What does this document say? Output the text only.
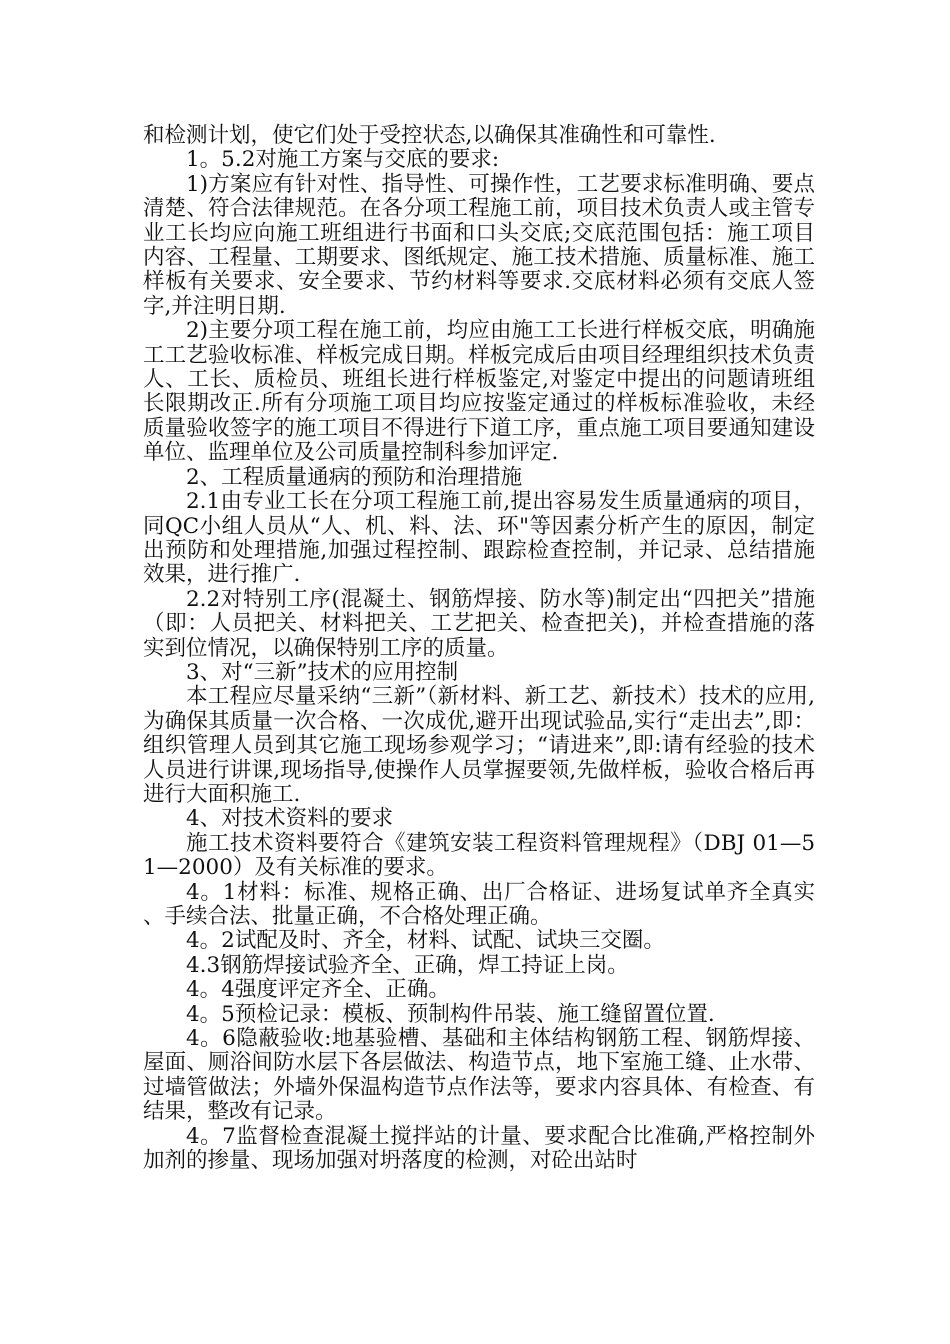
和检测计划，使它们处于受控状态,以确保其准确性和可靠性.

1。5.2对施工方案与交底的要求:

1)方案应有针对性、指导性、可操作性，工艺要求标准明确、要点清楚、符合法律规范。在各分项工程施工前，项目技术负责人或主管专业工长均应向施工班组进行书面和口头交底;交底范围包括：施工项目内容、工程量、工期要求、图纸规定、施工技术措施、质量标准、施工样板有关要求、安全要求、节约材料等要求.交底材料必须有交底人签字,并注明日期.

2)主要分项工程在施工前，均应由施工工长进行样板交底，明确施工工艺验收标准、样板完成日期。样板完成后由项目经理组织技术负责人、工长、质检员、班组长进行样板鉴定,对鉴定中提出的问题请班组长限期改正.所有分项施工项目均应按鉴定通过的样板标准验收，未经质量验收签字的施工项目不得进行下道工序，重点施工项目要通知建设单位、监理单位及公司质量控制科参加评定.

2、工程质量通病的预防和治理措施

2.1由专业工长在分项工程施工前,提出容易发生质量通病的项目，同QC小组人员从“人、机、料、法、环"等因素分析产生的原因，制定出预防和处理措施,加强过程控制、跟踪检查控制，并记录、总结措施效果，进行推广.

2.2对特别工序(混凝土、钢筋焊接、防水等)制定出“四把关”措施（即：人员把关、材料把关、工艺把关、检查把关)，并检查措施的落实到位情况，以确保特别工序的质量。

3、对“三新”技术的应用控制

本工程应尽量采纳“三新”（新材料、新工艺、新技术）技术的应用,为确保其质量一次合格、一次成优,避开出现试验品,实行“走出去”,即：组织管理人员到其它施工现场参观学习；“请进来”,即:请有经验的技术人员进行讲课,现场指导,使操作人员掌握要领,先做样板，验收合格后再进行大面积施工.

4、对技术资料的要求

施工技术资料要符合《建筑安装工程资料管理规程》（DBJ 01—51—2000）及有关标准的要求。

4。1材料：标准、规格正确、出厂合格证、进场复试单齐全真实、手续合法、批量正确，不合格处理正确。

4。2试配及时、齐全，材料、试配、试块三交圈。

4.3钢筋焊接试验齐全、正确，焊工持证上岗。

4。4强度评定齐全、正确。

4。5预检记录：模板、预制构件吊装、施工缝留置位置.

4。6隐蔽验收:地基验槽、基础和主体结构钢筋工程、钢筋焊接、屋面、厕浴间防水层下各层做法、构造节点，地下室施工缝、止水带、过墙管做法；外墙外保温构造节点作法等，要求内容具体、有检查、有结果，整改有记录。

4。7监督检查混凝土搅拌站的计量、要求配合比准确,严格控制外加剂的掺量、现场加强对坍落度的检测，对砼出站时
